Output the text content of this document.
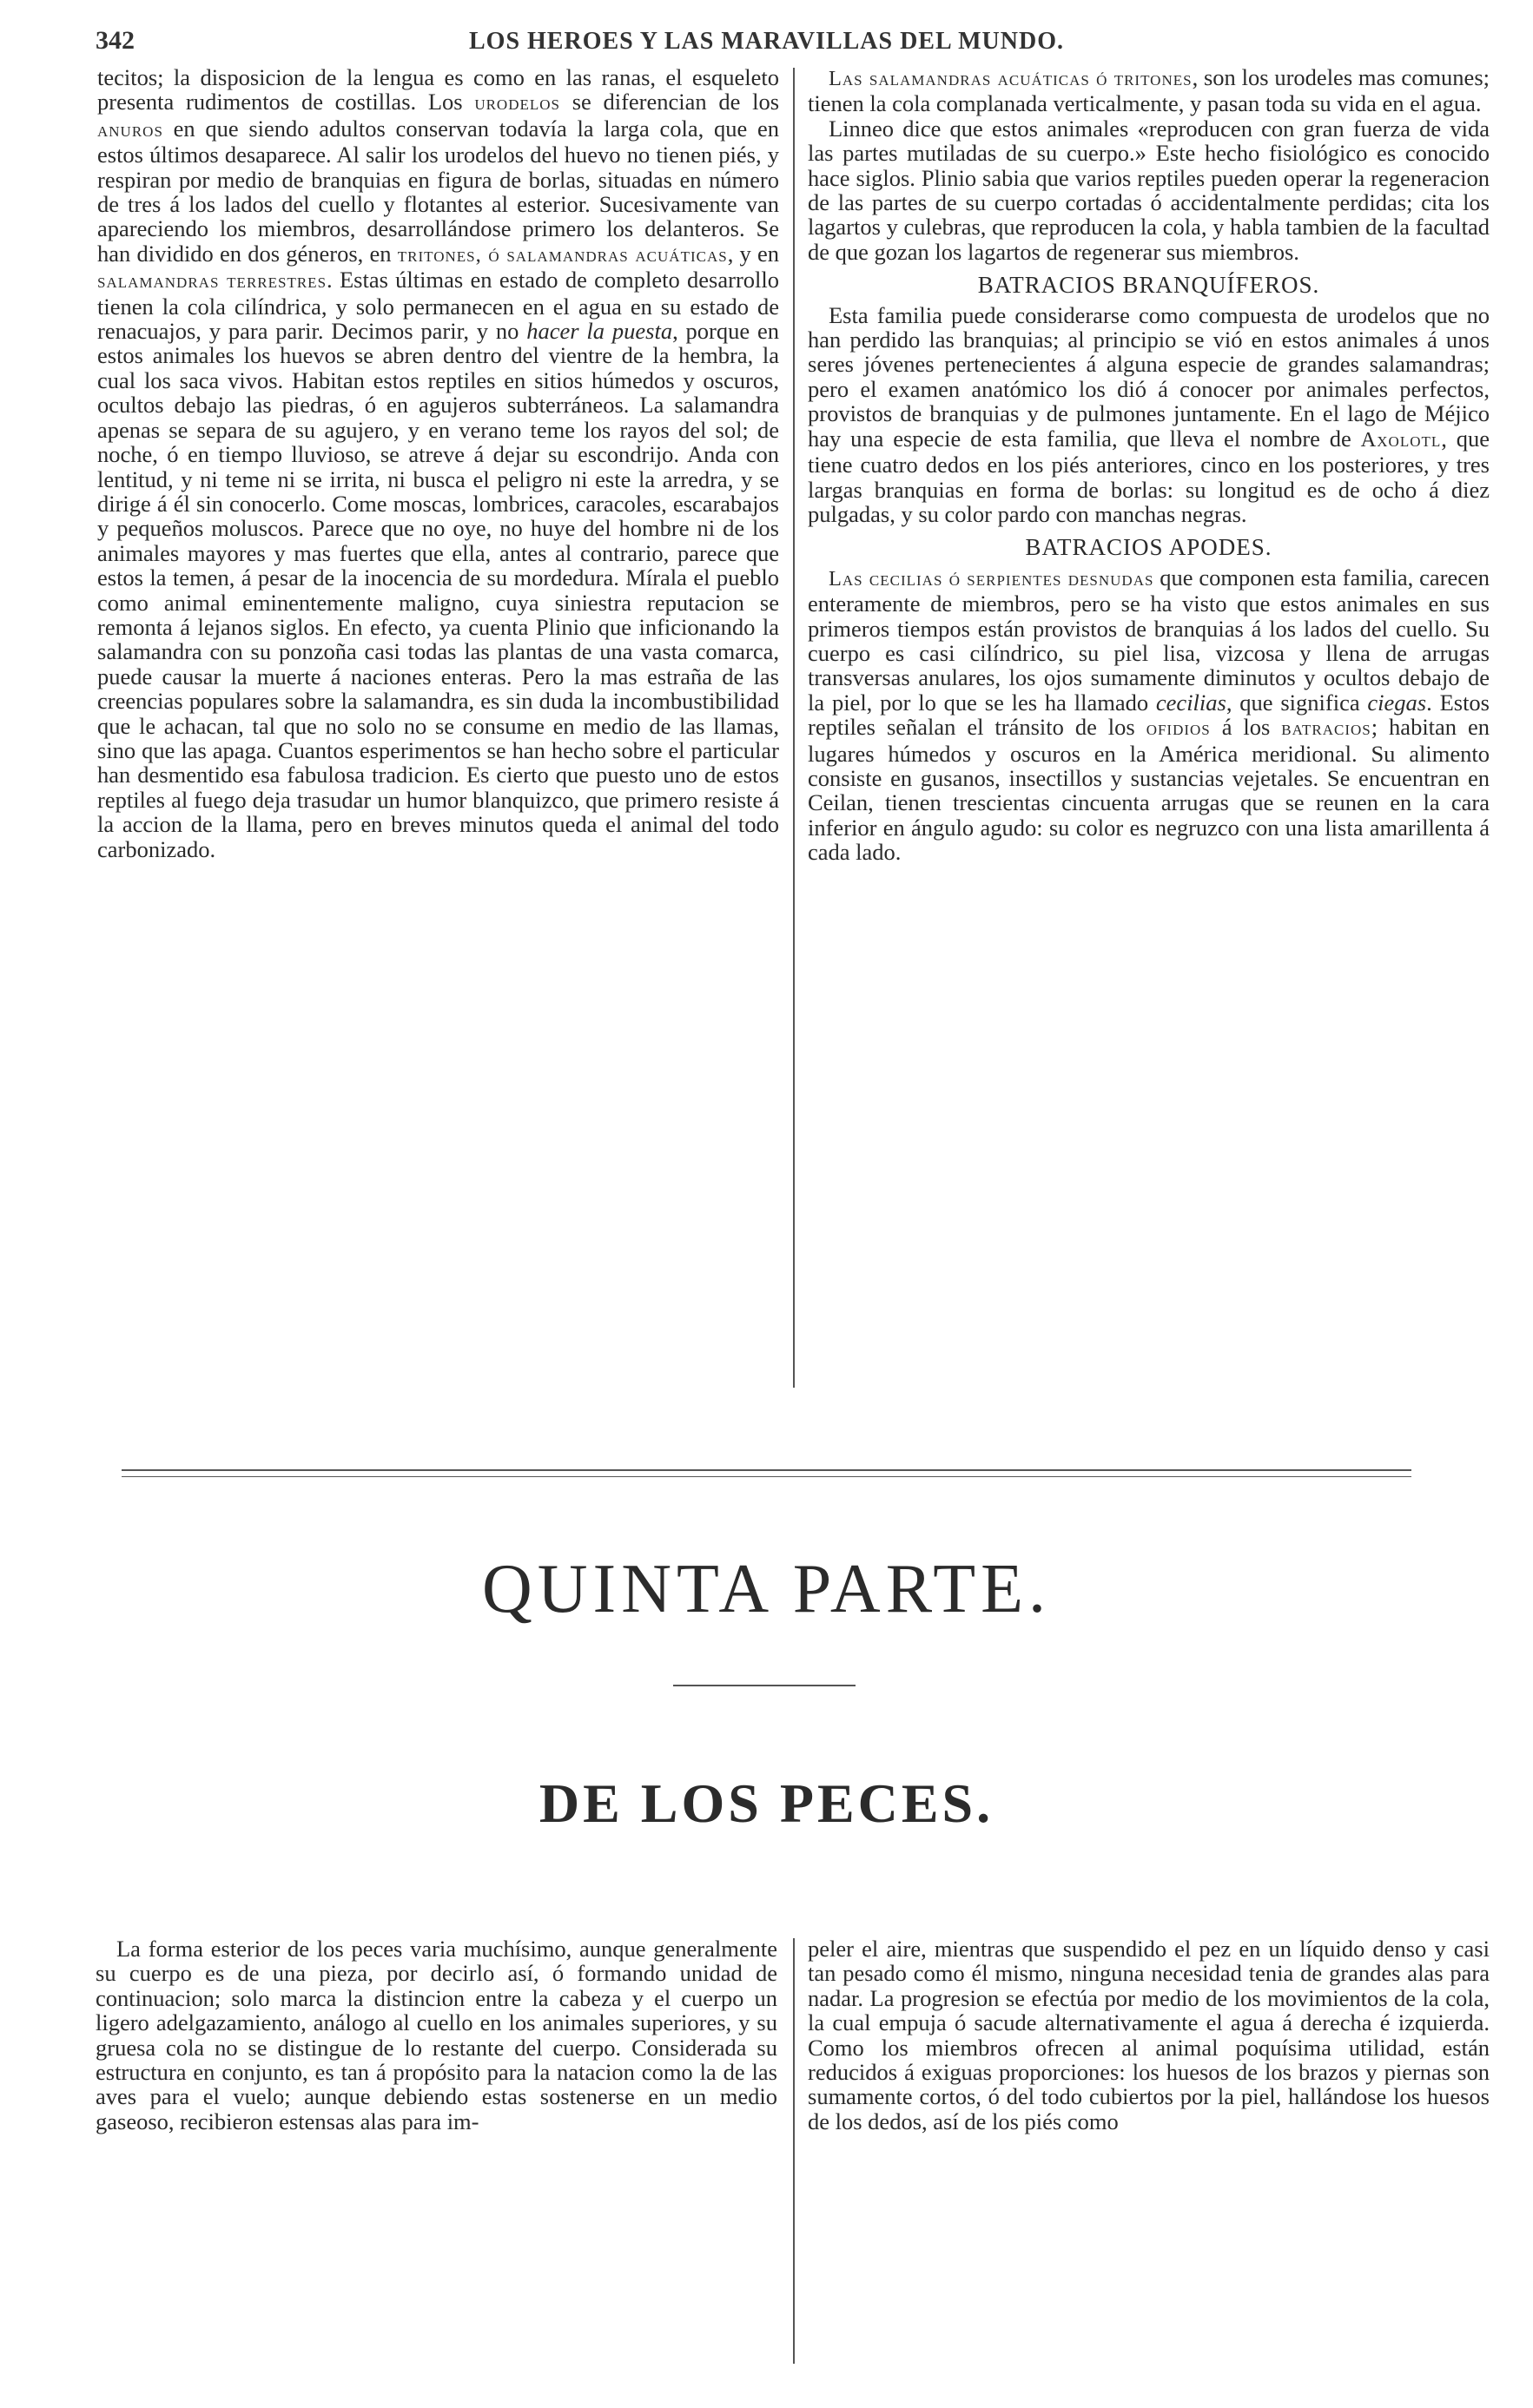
342	LOS HEROES Y LAS MARAVILLAS DEL MUNDO.

tecitos; la disposicion de la lengua es como en las ranas, el esqueleto presenta rudimentos de costillas. Los urodelos se diferencian de los anuros en que siendo adultos conservan todavía la larga cola, que en estos últimos desaparece. Al salir los urodelos del huevo no tienen piés, y respiran por medio de branquias en figura de borlas, situadas en número de tres á los lados del cuello y flotantes al esterior. Sucesivamente van apareciendo los miembros, desarrollándose primero los delanteros. Se han dividido en dos géneros, en tritones, ó salamandras acuáticas, y en salamandras terrestres. Estas últimas en estado de completo desarrollo tienen la cola cilíndrica, y solo permanecen en el agua en su estado de renacuajos, y para parir. Decimos parir, y no hacer la puesta, porque en estos animales los huevos se abren dentro del vientre de la hembra, la cual los saca vivos. Habitan estos reptiles en sitios húmedos y oscuros, ocultos debajo las piedras, ó en agujeros subterráneos. La salamandra apenas se separa de su agujero, y en verano teme los rayos del sol; de noche, ó en tiempo lluvioso, se atreve á dejar su escondrijo. Anda con lentitud, y ni teme ni se irrita, ni busca el peligro ni este la arredra, y se dirige á él sin conocerlo. Come moscas, lombrices, caracoles, escarabajos y pequeños moluscos. Parece que no oye, no huye del hombre ni de los animales mayores y mas fuertes que ella, antes al contrario, parece que estos la temen, á pesar de la inocencia de su mordedura. Mírala el pueblo como animal eminentemente maligno, cuya siniestra reputacion se remonta á lejanos siglos. En efecto, ya cuenta Plinio que inficionando la salamandra con su ponzoña casi todas las plantas de una vasta comarca, puede causar la muerte á naciones enteras. Pero la mas estraña de las creencias populares sobre la salamandra, es sin duda la incombustibilidad que le achacan, tal que no solo no se consume en medio de las llamas, sino que las apaga. Cuantos esperimentos se han hecho sobre el particular han desmentido esa fabulosa tradicion. Es cierto que puesto uno de estos reptiles al fuego deja trasudar un humor blanquizco, que primero resiste á la accion de la llama, pero en breves minutos queda el animal del todo carbonizado.

Las salamandras acuáticas ó tritones, son los urodeles mas comunes; tienen la cola complanada verticalmente, y pasan toda su vida en el agua.

Linneo dice que estos animales «reproducen con gran fuerza de vida las partes mutiladas de su cuerpo.» Este hecho fisiológico es conocido hace siglos. Plinio sabia que varios reptiles pueden operar la regeneracion de las partes de su cuerpo cortadas ó accidentalmente perdidas; cita los lagartos y culebras, que reproducen la cola, y habla tambien de la facultad de que gozan los lagartos de regenerar sus miembros.

BATRACIOS BRANQUÍFEROS.

Esta familia puede considerarse como compuesta de urodelos que no han perdido las branquias; al principio se vió en estos animales á unos seres jóvenes pertenecientes á alguna especie de grandes salamandras; pero el examen anatómico los dió á conocer por animales perfectos, provistos de branquias y de pulmones juntamente. En el lago de Méjico hay una especie de esta familia, que lleva el nombre de Axolotl, que tiene cuatro dedos en los piés anteriores, cinco en los posteriores, y tres largas branquias en forma de borlas: su longitud es de ocho á diez pulgadas, y su color pardo con manchas negras.

BATRACIOS APODES.

Las cecilias ó serpientes desnudas que componen esta familia, carecen enteramente de miembros, pero se ha visto que estos animales en sus primeros tiempos están provistos de branquias á los lados del cuello. Su cuerpo es casi cilíndrico, su piel lisa, vizcosa y llena de arrugas transversas anulares, los ojos sumamente diminutos y ocultos debajo de la piel, por lo que se les ha llamado cecilias, que significa ciegas. Estos reptiles señalan el tránsito de los ofidios á los batracios; habitan en lugares húmedos y oscuros en la América meridional. Su alimento consiste en gusanos, insectillos y sustancias vejetales. Se encuentran en Ceilan, tienen trescientas cincuenta arrugas que se reunen en la cara inferior en ángulo agudo: su color es negruzco con una lista amarillenta á cada lado.

QUINTA PARTE.
DE LOS PECES.

La forma esterior de los peces varia muchísimo, aunque generalmente su cuerpo es de una pieza, por decirlo así, ó formando unidad de continuacion; solo marca la distincion entre la cabeza y el cuerpo un ligero adelgazamiento, análogo al cuello en los animales superiores, y su gruesa cola no se distingue de lo restante del cuerpo. Considerada su estructura en conjunto, es tan á propósito para la natacion como la de las aves para el vuelo; aunque debiendo estas sostenerse en un medio gaseoso, recibieron estensas alas para im-

peler el aire, mientras que suspendido el pez en un líquido denso y casi tan pesado como él mismo, ninguna necesidad tenia de grandes alas para nadar. La progresion se efectúa por medio de los movimientos de la cola, la cual empuja ó sacude alternativamente el agua á derecha é izquierda. Como los miembros ofrecen al animal poquísima utilidad, están reducidos á exiguas proporciones: los huesos de los brazos y piernas son sumamente cortos, ó del todo cubiertos por la piel, hallándose los huesos de los dedos, así de los piés como
